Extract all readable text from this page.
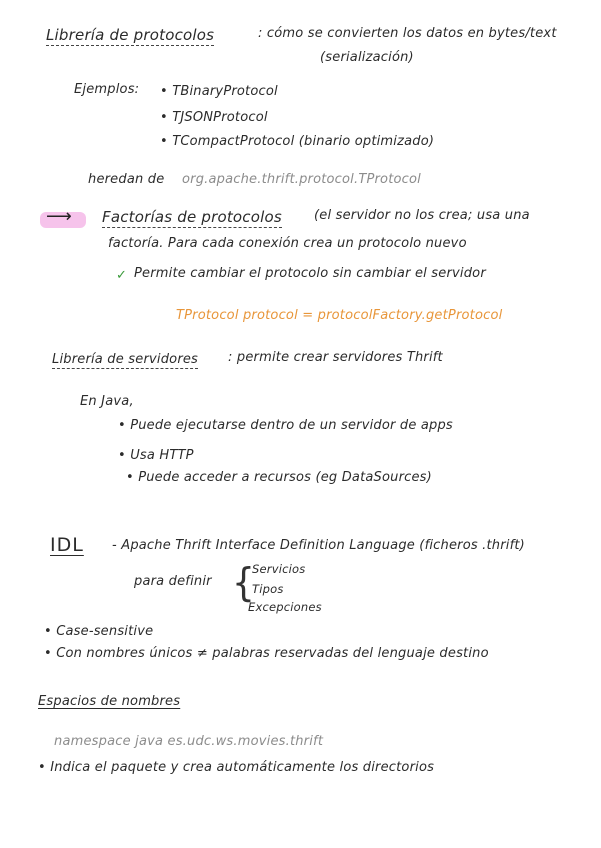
Librería de protocolos	: cómo se convierten los datos en bytes/text
(serialización)
Ejemplos: • TBinaryProtocol
• TJSONProtocol
• TCompactProtocol (binario optimizado)
heredan de org.apache.thrift.protocol.TProtocol
⟶ Factorías de protocolos (el servidor no los crea; usa una
factoría. Para cada conexión crea un protocolo nuevo
✓ Permite cambiar el protocolo sin cambiar el servidor
TProtocol protocol = protocolFactory.getProtocol
Librería de servidores : permite crear servidores Thrift
En Java,
• Puede ejecutarse dentro de un servidor de apps
• Usa HTTP
• Puede acceder a recursos (eg DataSources)
IDL - Apache Thrift Interface Definition Language (ficheros .thrift)
para definir {
Servicios
Tipos
Excepciones
• Case-sensitive
• Con nombres únicos ≠ palabras reservadas del lenguaje destino
Espacios de nombres
namespace java es.udc.ws.movies.thrift
• Indica el paquete y crea automáticamente los directorios
